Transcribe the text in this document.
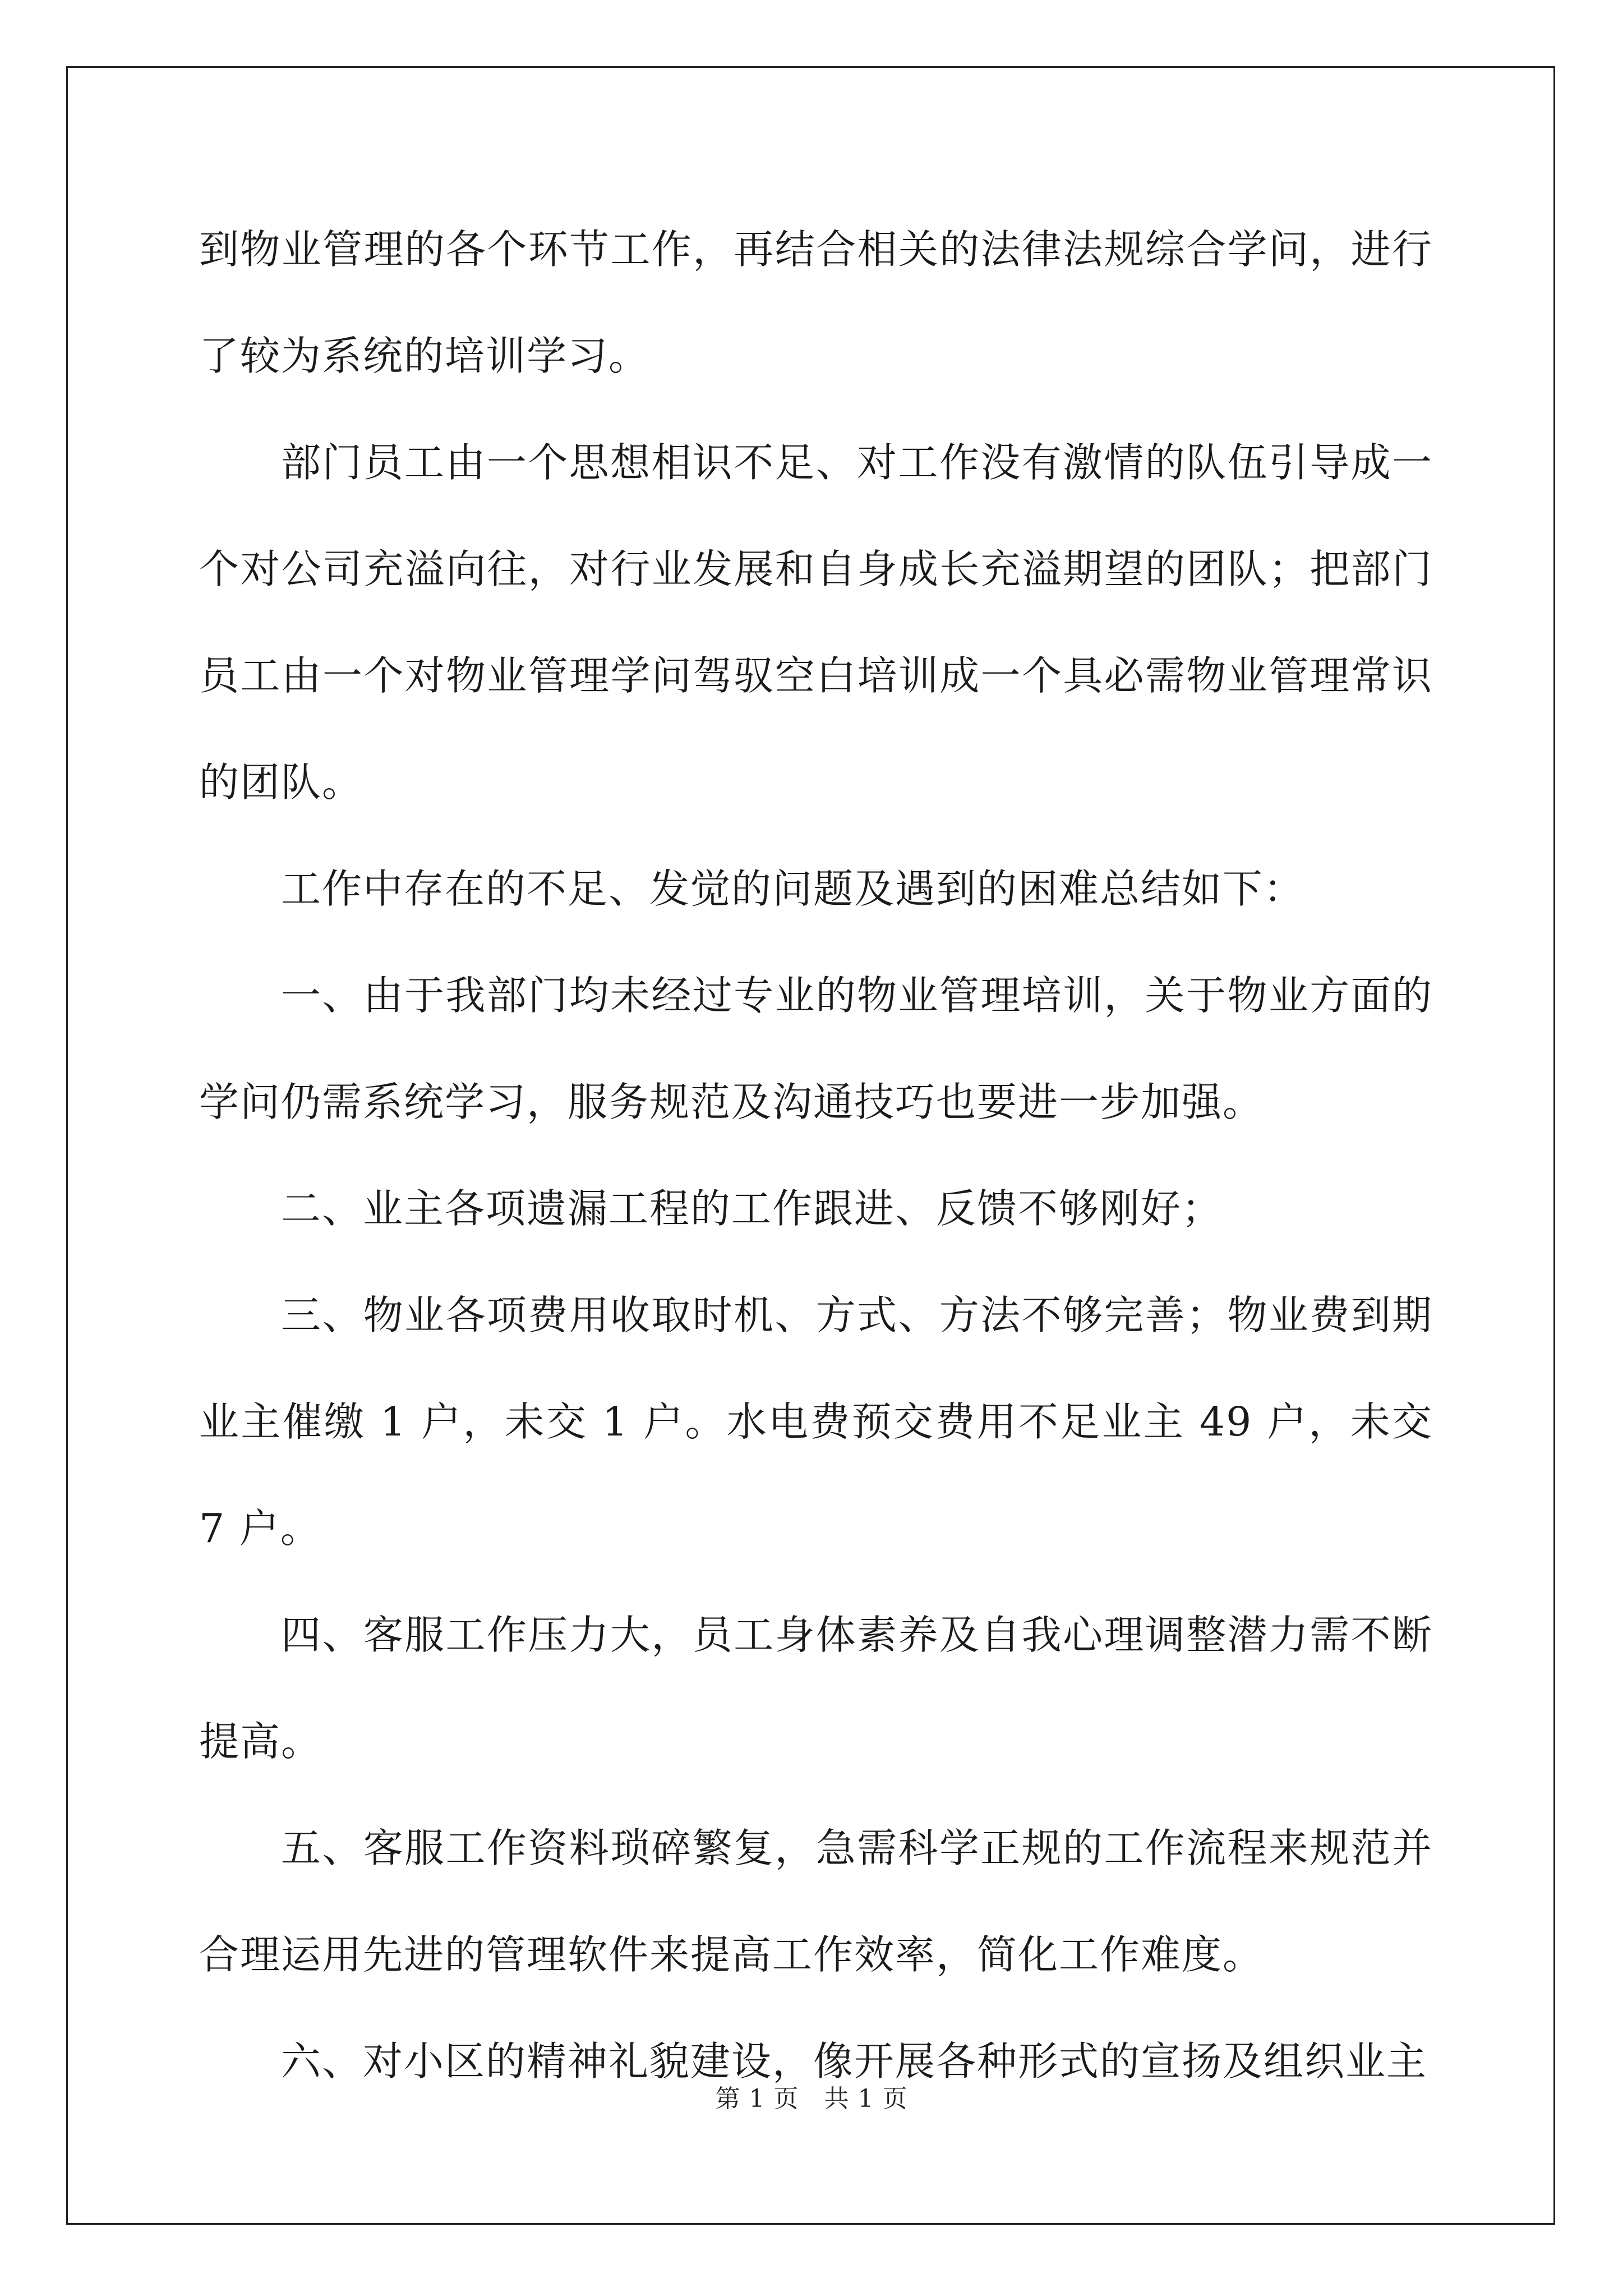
到物业管理的各个环节工作，再结合相关的法律法规综合学问，进行了较为系统的培训学习。

部门员工由一个思想相识不足、对工作没有激情的队伍引导成一个对公司充溢向往，对行业发展和自身成长充溢期望的团队；把部门员工由一个对物业管理学问驾驭空白培训成一个具必需物业管理常识的团队。

工作中存在的不足、发觉的问题及遇到的困难总结如下：

一、由于我部门均未经过专业的物业管理培训，关于物业方面的学问仍需系统学习，服务规范及沟通技巧也要进一步加强。

二、业主各项遗漏工程的工作跟进、反馈不够刚好；

三、物业各项费用收取时机、方式、方法不够完善；物业费到期业主催缴 1 户，未交 1 户。水电费预交费用不足业主 49 户，未交 7 户。

四、客服工作压力大，员工身体素养及自我心理调整潜力需不断提高。

五、客服工作资料琐碎繁复，急需科学正规的工作流程来规范并合理运用先进的管理软件来提高工作效率，简化工作难度。

六、对小区的精神礼貌建设，像开展各种形式的宣扬及组织业主

第 1 页　共 1 页
